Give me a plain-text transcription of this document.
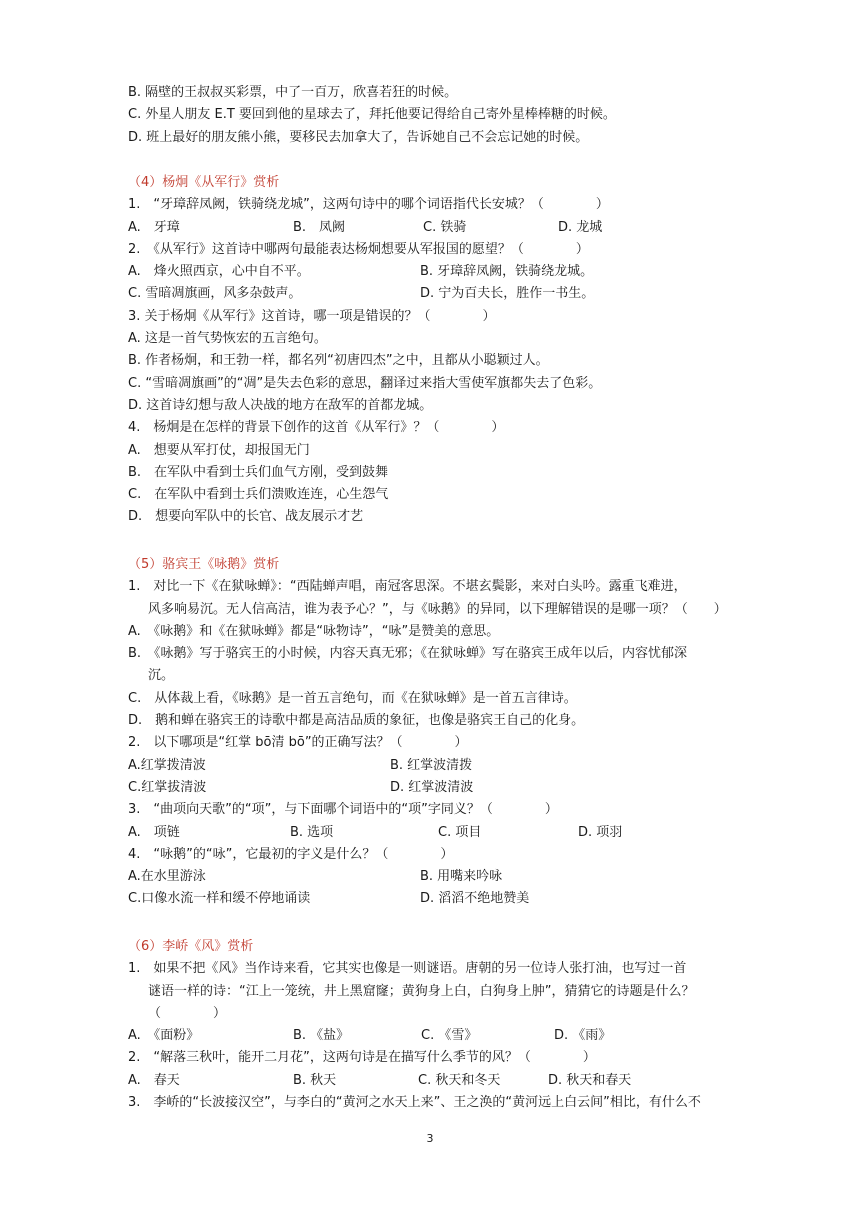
B. 隔壁的王叔叔买彩票，中了一百万，欣喜若狂的时候。
C. 外星人朋友 E.T 要回到他的星球去了，拜托他要记得给自己寄外星棒棒糖的时候。
D. 班上最好的朋友熊小熊，要移民去加拿大了，告诉她自己不会忘记她的时候。
（4）杨炯《从军行》赏析
1.　“牙璋辞凤阙，铁骑绕龙城”，这两句诗中的哪个词语指代长安城？（　　　　）
A.　牙璋	B.　凤阙	C. 铁骑	D. 龙城
2.　《从军行》这首诗中哪两句最能表达杨炯想要从军报国的愿望？（　　　　）
A.　烽火照西京，心中自不平。	B. 牙璋辞凤阙，铁骑绕龙城。
C. 雪暗凋旗画，风多杂鼓声。	D. 宁为百夫长，胜作一书生。
3. 关于杨炯《从军行》这首诗，哪一项是错误的？（　　　　）
A. 这是一首气势恢宏的五言绝句。
B. 作者杨炯，和王勃一样，都名列“初唐四杰”之中，且都从小聪颖过人。
C. “雪暗凋旗画”的“凋”是失去色彩的意思，翻译过来指大雪使军旗都失去了色彩。
D. 这首诗幻想与敌人决战的地方在敌军的首都龙城。
4.　杨炯是在怎样的背景下创作的这首《从军行》？（　　　　）
A.　想要从军打仗，却报国无门
B.　在军队中看到士兵们血气方刚，受到鼓舞
C.　在军队中看到士兵们溃败连连，心生怨气
D.　想要向军队中的长官、战友展示才艺
（5）骆宾王《咏鹅》赏析
1.　对比一下《在狱咏蝉》：“西陆蝉声唱，南冠客思深。不堪玄鬓影，来对白头吟。露重飞难进，
风多响易沉。无人信高洁，谁为表予心？”，与《咏鹅》的异同，以下理解错误的是哪一项？（　　）
A.　《咏鹅》和《在狱咏蝉》都是“咏物诗”，“咏”是赞美的意思。
B.　《咏鹅》写于骆宾王的小时候，内容天真无邪；《在狱咏蝉》写在骆宾王成年以后，内容忧郁深
沉。
C.　从体裁上看，《咏鹅》是一首五言绝句，而《在狱咏蝉》是一首五言律诗。
D.　鹅和蝉在骆宾王的诗歌中都是高洁品质的象征，也像是骆宾王自己的化身。
2.　以下哪项是“红掌 bō清 bō”的正确写法？（　　　　）
A.红掌拨清波	B. 红掌波清拨
C.红掌拔清波	D. 红掌波清波
3.　“曲项向天歌”的“项”，与下面哪个词语中的“项”字同义？（　　　　）
A.　项链	B. 选项	C. 项目	D. 项羽
4.　“咏鹅”的“咏”，它最初的字义是什么？（　　　　）
A.在水里游泳	B. 用嘴来吟咏
C.口像水流一样和缓不停地诵读	D. 滔滔不绝地赞美
（6）李峤《风》赏析
1.　如果不把《风》当作诗来看，它其实也像是一则谜语。唐朝的另一位诗人张打油，也写过一首
谜语一样的诗：“江上一笼统，井上黑窟窿；黄狗身上白，白狗身上肿”，猜猜它的诗题是什么？
（　　　　）
A.　《面粉》	B. 《盐》	C. 《雪》	D. 《雨》
2.　“解落三秋叶，能开二月花”，这两句诗是在描写什么季节的风？（　　　　）
A.　春天	B. 秋天	C. 秋天和冬天	D. 秋天和春天
3.　李峤的“长波接汉空”，与李白的“黄河之水天上来”、王之涣的“黄河远上白云间”相比，有什么不
3
